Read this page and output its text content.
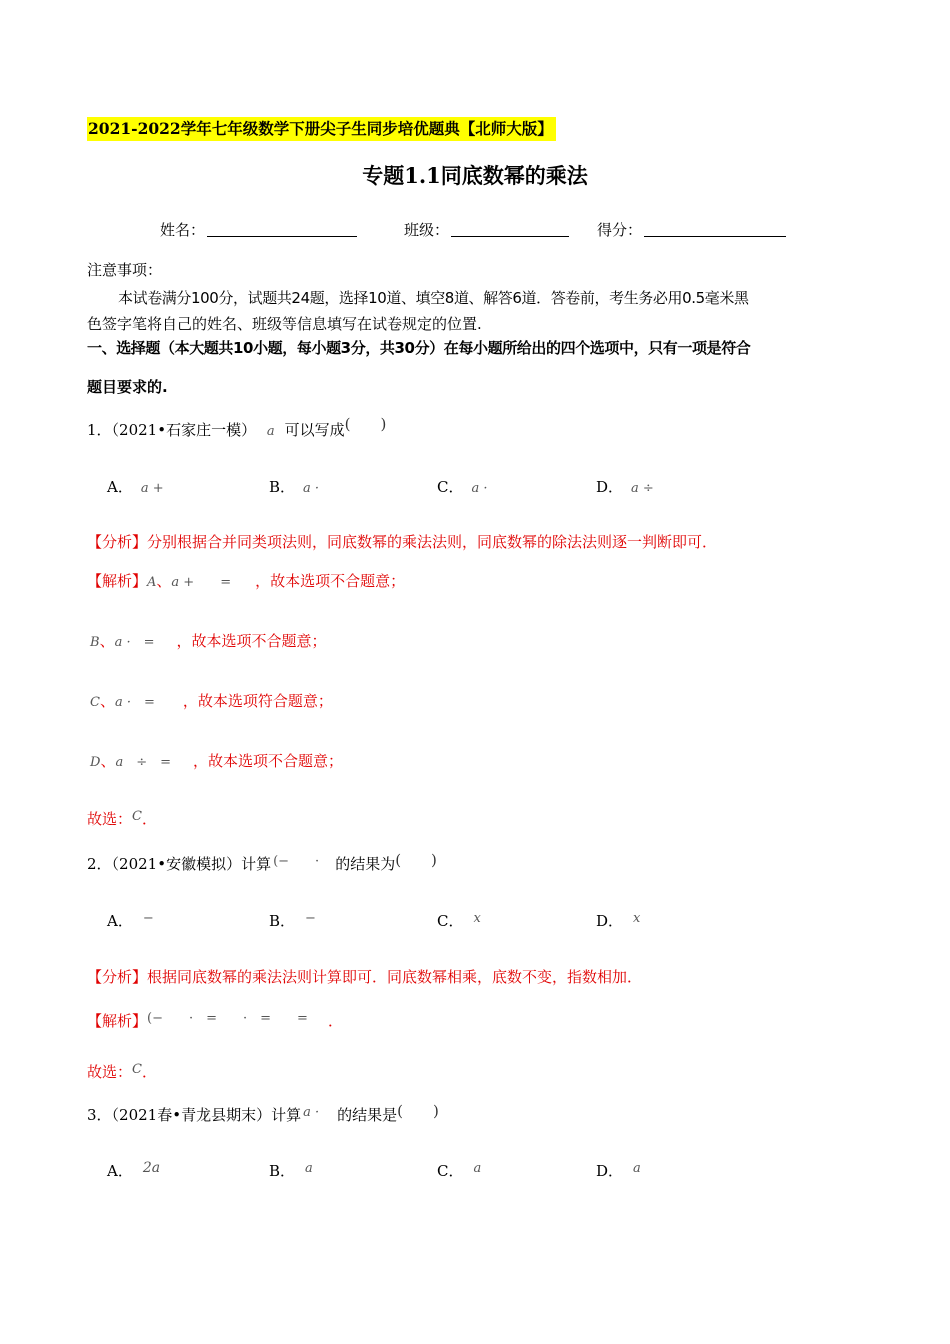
2021-2022学年七年级数学下册尖子生同步培优题典【北师大版】
专题1.1同底数幂的乘法
姓名：	班级：	得分：
注意事项：
本试卷满分100分，试题共24题，选择10道、填空8道、解答6道．答卷前，考生务必用0.5毫米黑
色签字笔将自己的姓名、班级等信息填写在试卷规定的位置.
一、选择题（本大题共10小题，每小题3分，共30分）在每小题所给出的四个选项中，只有一项是符合
题目要求的.
1．（2021•石家庄一模） a 可以写成(　　)
A． a +	B． a ·	C． a ·	D． a ÷
【分析】分别根据合并同类项法则，同底数幂的乘法法则，同底数幂的除法法则逐一判断即可．
【解析】A、a +　　= ，故本选项不合题意；
B、a ·　= ，故本选项不合题意；
C、a ·　= ，故本选项符合题意；
D、a　÷　= ，故本选项不合题意；
故选：C．
2．（2021•安徽模拟）计算 (−　　· 的结果为(　　)
A． −	B． −	C． x	D． x
【分析】根据同底数幂的乘法法则计算即可．同底数幂相乘，底数不变，指数相加．
【解析】(−　　·　=　　·　=　　= ．
故选：C．
3．（2021春•青龙县期末）计算 a · 的结果是(　　)
A． 2a	B． a	C． a	D． a
